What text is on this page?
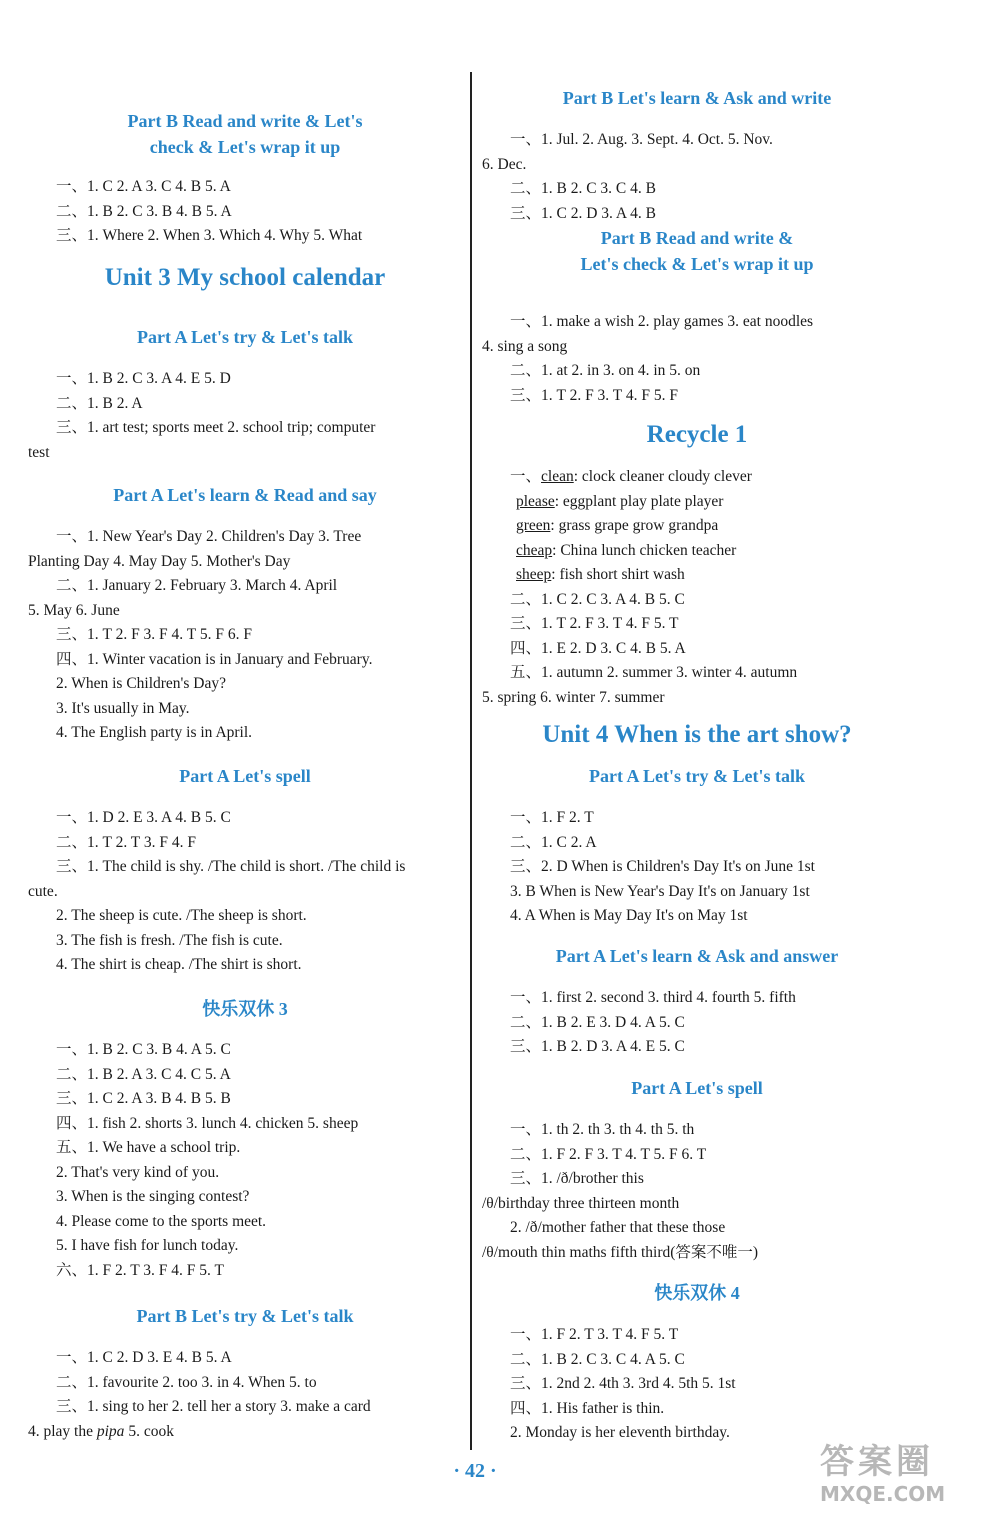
Part B Read and write & Let's
check & Let's wrap it up
一、1. C 2. A 3. C 4. B 5. A
二、1. B 2. C 3. B 4. B 5. A
三、1. Where 2. When 3. Which 4. Why 5. What
Unit 3 My school calendar
Part A Let's try & Let's talk
一、1. B 2. C 3. A 4. E 5. D
二、1. B 2. A
三、1. art test; sports meet 2. school trip; computer
test
Part A Let's learn & Read and say
一、1. New Year's Day 2. Children's Day 3. Tree
Planting Day 4. May Day 5. Mother's Day
二、1. January 2. February 3. March 4. April
5. May 6. June
三、1. T 2. F 3. F 4. T 5. F 6. F
四、1. Winter vacation is in January and February.
2. When is Children's Day?
3. It's usually in May.
4. The English party is in April.
Part A Let's spell
一、1. D 2. E 3. A 4. B 5. C
二、1. T 2. T 3. F 4. F
三、1. The child is shy. /The child is short. /The child is
cute.
2. The sheep is cute. /The sheep is short.
3. The fish is fresh. /The fish is cute.
4. The shirt is cheap. /The shirt is short.
快乐双休 3
一、1. B 2. C 3. B 4. A 5. C
二、1. B 2. A 3. C 4. C 5. A
三、1. C 2. A 3. B 4. B 5. B
四、1. fish 2. shorts 3. lunch 4. chicken 5. sheep
五、1. We have a school trip.
2. That's very kind of you.
3. When is the singing contest?
4. Please come to the sports meet.
5. I have fish for lunch today.
六、1. F 2. T 3. F 4. F 5. T
Part B Let's try & Let's talk
一、1. C 2. D 3. E 4. B 5. A
二、1. favourite 2. too 3. in 4. When 5. to
三、1. sing to her 2. tell her a story 3. make a card
4. play the pipa 5. cook
Part B Let's learn & Ask and write
一、1. Jul. 2. Aug. 3. Sept. 4. Oct. 5. Nov.
6. Dec.
二、1. B 2. C 3. C 4. B
三、1. C 2. D 3. A 4. B
Part B Read and write &
Let's check & Let's wrap it up
一、1. make a wish 2. play games 3. eat noodles
4. sing a song
二、1. at 2. in 3. on 4. in 5. on
三、1. T 2. F 3. T 4. F 5. F
Recycle 1
一、clean: clock cleaner cloudy clever
please: eggplant play plate player
green: grass grape grow grandpa
cheap: China lunch chicken teacher
sheep: fish short shirt wash
二、1. C 2. C 3. A 4. B 5. C
三、1. T 2. F 3. T 4. F 5. T
四、1. E 2. D 3. C 4. B 5. A
五、1. autumn 2. summer 3. winter 4. autumn
5. spring 6. winter 7. summer
Unit 4 When is the art show?
Part A Let's try & Let's talk
一、1. F 2. T
二、1. C 2. A
三、2. D When is Children's Day It's on June 1st
3. B When is New Year's Day It's on January 1st
4. A When is May Day It's on May 1st
Part A Let's learn & Ask and answer
一、1. first 2. second 3. third 4. fourth 5. fifth
二、1. B 2. E 3. D 4. A 5. C
三、1. B 2. D 3. A 4. E 5. C
Part A Let's spell
一、1. th 2. th 3. th 4. th 5. th
二、1. F 2. F 3. T 4. T 5. F 6. T
三、1. /ð/brother this
/θ/birthday three thirteen month
2. /ð/mother father that these those
/θ/mouth thin maths fifth third(答案不唯一)
快乐双休 4
一、1. F 2. T 3. T 4. F 5. T
二、1. B 2. C 3. C 4. A 5. C
三、1. 2nd 2. 4th 3. 3rd 4. 5th 5. 1st
四、1. His father is thin.
2. Monday is her eleventh birthday.
· 42 ·	答案圈
MXQE.COM
